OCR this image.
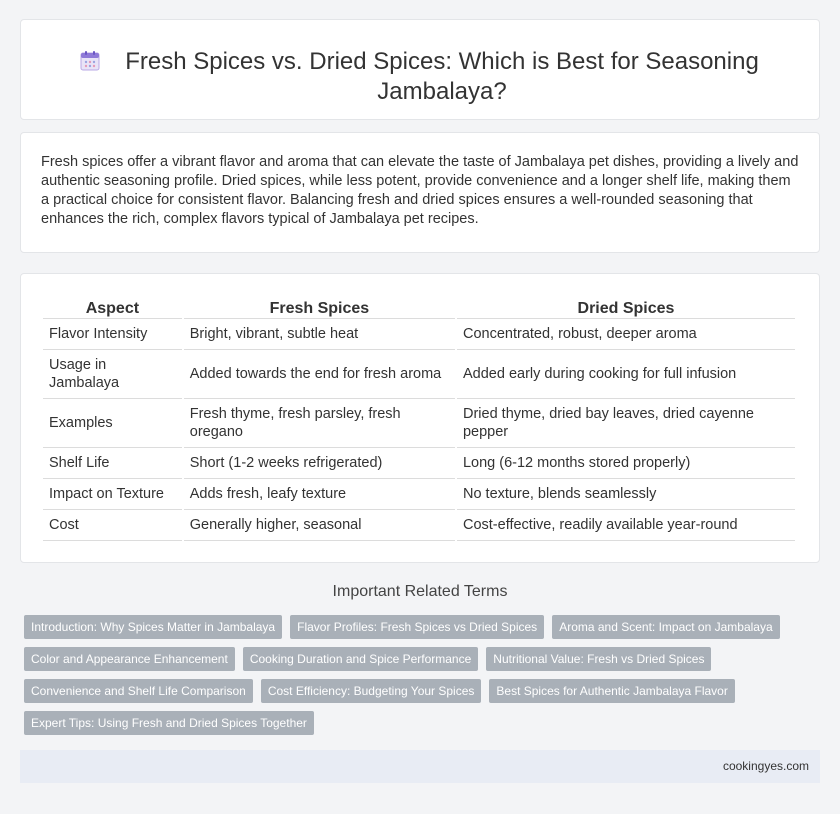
Fresh Spices vs. Dried Spices: Which is Best for Seasoning Jambalaya?

Fresh spices offer a vibrant flavor and aroma that can elevate the taste of Jambalaya pet dishes, providing a lively and authentic seasoning profile. Dried spices, while less potent, provide convenience and a longer shelf life, making them a practical choice for consistent flavor. Balancing fresh and dried spices ensures a well-rounded seasoning that enhances the rich, complex flavors typical of Jambalaya pet recipes.

Aspect	Fresh Spices	Dried Spices
Flavor Intensity	Bright, vibrant, subtle heat	Concentrated, robust, deeper aroma
Usage in Jambalaya	Added towards the end for fresh aroma	Added early during cooking for full infusion
Examples	Fresh thyme, fresh parsley, fresh oregano	Dried thyme, dried bay leaves, dried cayenne pepper
Shelf Life	Short (1-2 weeks refrigerated)	Long (6-12 months stored properly)
Impact on Texture	Adds fresh, leafy texture	No texture, blends seamlessly
Cost	Generally higher, seasonal	Cost-effective, readily available year-round
Important Related Terms
Introduction: Why Spices Matter in Jambalaya	Flavor Profiles: Fresh Spices vs Dried Spices	Aroma and Scent: Impact on Jambalaya
Color and Appearance Enhancement	Cooking Duration and Spice Performance	Nutritional Value: Fresh vs Dried Spices
Convenience and Shelf Life Comparison	Cost Efficiency: Budgeting Your Spices	Best Spices for Authentic Jambalaya Flavor
Expert Tips: Using Fresh and Dried Spices Together
cookingyes.com
